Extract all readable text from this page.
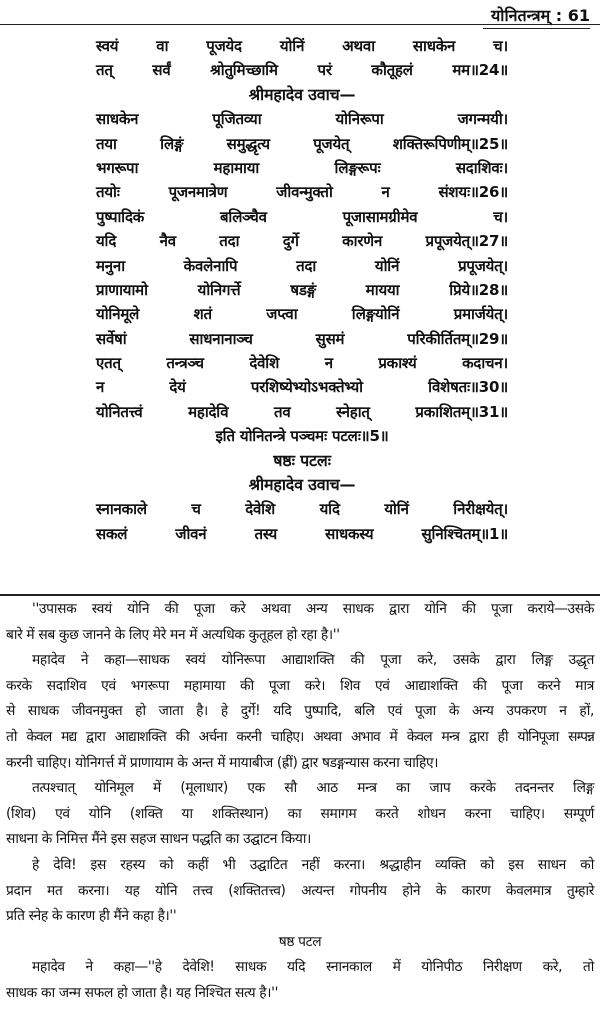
योनितन्त्रम् : 61
स्वयं वा पूजयेद योनिं अथवा साधकेन च।
तत् सर्वं श्रोतुमिच्छामि परं कौतूहलं मम॥24॥
श्रीमहादेव उवाच—
साधकेन पूजितव्या योनिरूपा जगन्मयी।
तया लिङ्गं समुद्धृत्य पूजयेत् शक्तिरूपिणीम्॥25॥
भगरूपा महामाया लिङ्गरूपः सदाशिवः।
तयोः पूजनमात्रेण जीवन्मुक्तो न संशयः॥26॥
पुष्पादिकं बलिञ्चैव पूजासामग्रीमेव च।
यदि नैव तदा दुर्गे कारणेन प्रपूजयेत्॥27॥
मनुना केवलेनापि तदा योनिं प्रपूजयेत्।
प्राणायामो योनिगर्त्ते षडङ्गं मायया प्रिये॥28॥
योनिमूले शतं जप्त्वा लिङ्गयोनिं प्रमार्जयेत्।
सर्वेषां साधनानाञ्च सुसमं परिकीर्तितम्॥29॥
एतत् तन्त्रञ्च देवेशि न प्रकाश्यं कदाचन।
न देयं परशिष्येभ्योऽभक्तेभ्यो विशेषतः॥30॥
योनितत्त्वं महादेवि तव स्नेहात् प्रकाशितम्॥31॥
इति योनितन्त्रे पञ्चमः पटलः॥5॥
षष्ठः पटलः
श्रीमहादेव उवाच—
स्नानकाले च देवेशि यदि योनिं निरीक्षयेत्।
सकलं जीवनं तस्य साधकस्य सुनिश्चितम्॥1॥
''उपासक स्वयं योनि की पूजा करे अथवा अन्य साधक द्वारा योनि की पूजा कराये—उसके
बारे में सब कुछ जानने के लिए मेरे मन में अत्यधिक कुतूहल हो रहा है।''
महादेव ने कहा—साधक स्वयं योनिरूपा आद्याशक्ति की पूजा करे, उसके द्वारा लिङ्ग उद्धृत
करके सदाशिव एवं भगरूपा महामाया की पूजा करे। शिव एवं आद्याशक्ति की पूजा करने मात्र
से साधक जीवनमुक्त हो जाता है। हे दुर्गे! यदि पुष्पादि, बलि एवं पूजा के अन्य उपकरण न हों,
तो केवल मद्य द्वारा आद्याशक्ति की अर्चना करनी चाहिए। अथवा अभाव में केवल मन्त्र द्वारा ही योनिपूजा सम्पन्न
करनी चाहिए। योनिगर्त्त में प्राणायाम के अन्त में मायाबीज (ह्रीं) द्वार षडङ्गन्यास करना चाहिए।
तत्पश्चात् योनिमूल में (मूलाधार) एक सौ आठ मन्त्र का जाप करके तदनन्तर लिङ्ग
(शिव) एवं योनि (शक्ति या शक्तिस्थान) का समागम करते शोधन करना चाहिए। सम्पूर्ण
साधना के निमित्त मैंने इस सहज साधन पद्धति का उद्घाटन किया।
हे देवि! इस रहस्य को कहीं भी उद्घाटित नहीं करना। श्रद्धाहीन व्यक्ति को इस साधन को
प्रदान मत करना। यह योनि तत्त्व (शक्तितत्त्व) अत्यन्त गोपनीय होने के कारण केवलमात्र तुम्हारे
प्रति स्नेह के कारण ही मैंने कहा है।''
षष्ठ पटल
महादेव ने कहा—''हे देवेशि! साधक यदि स्नानकाल में योनिपीठ निरीक्षण करे, तो
साधक का जन्म सफल हो जाता है। यह निश्चित सत्य है।''
